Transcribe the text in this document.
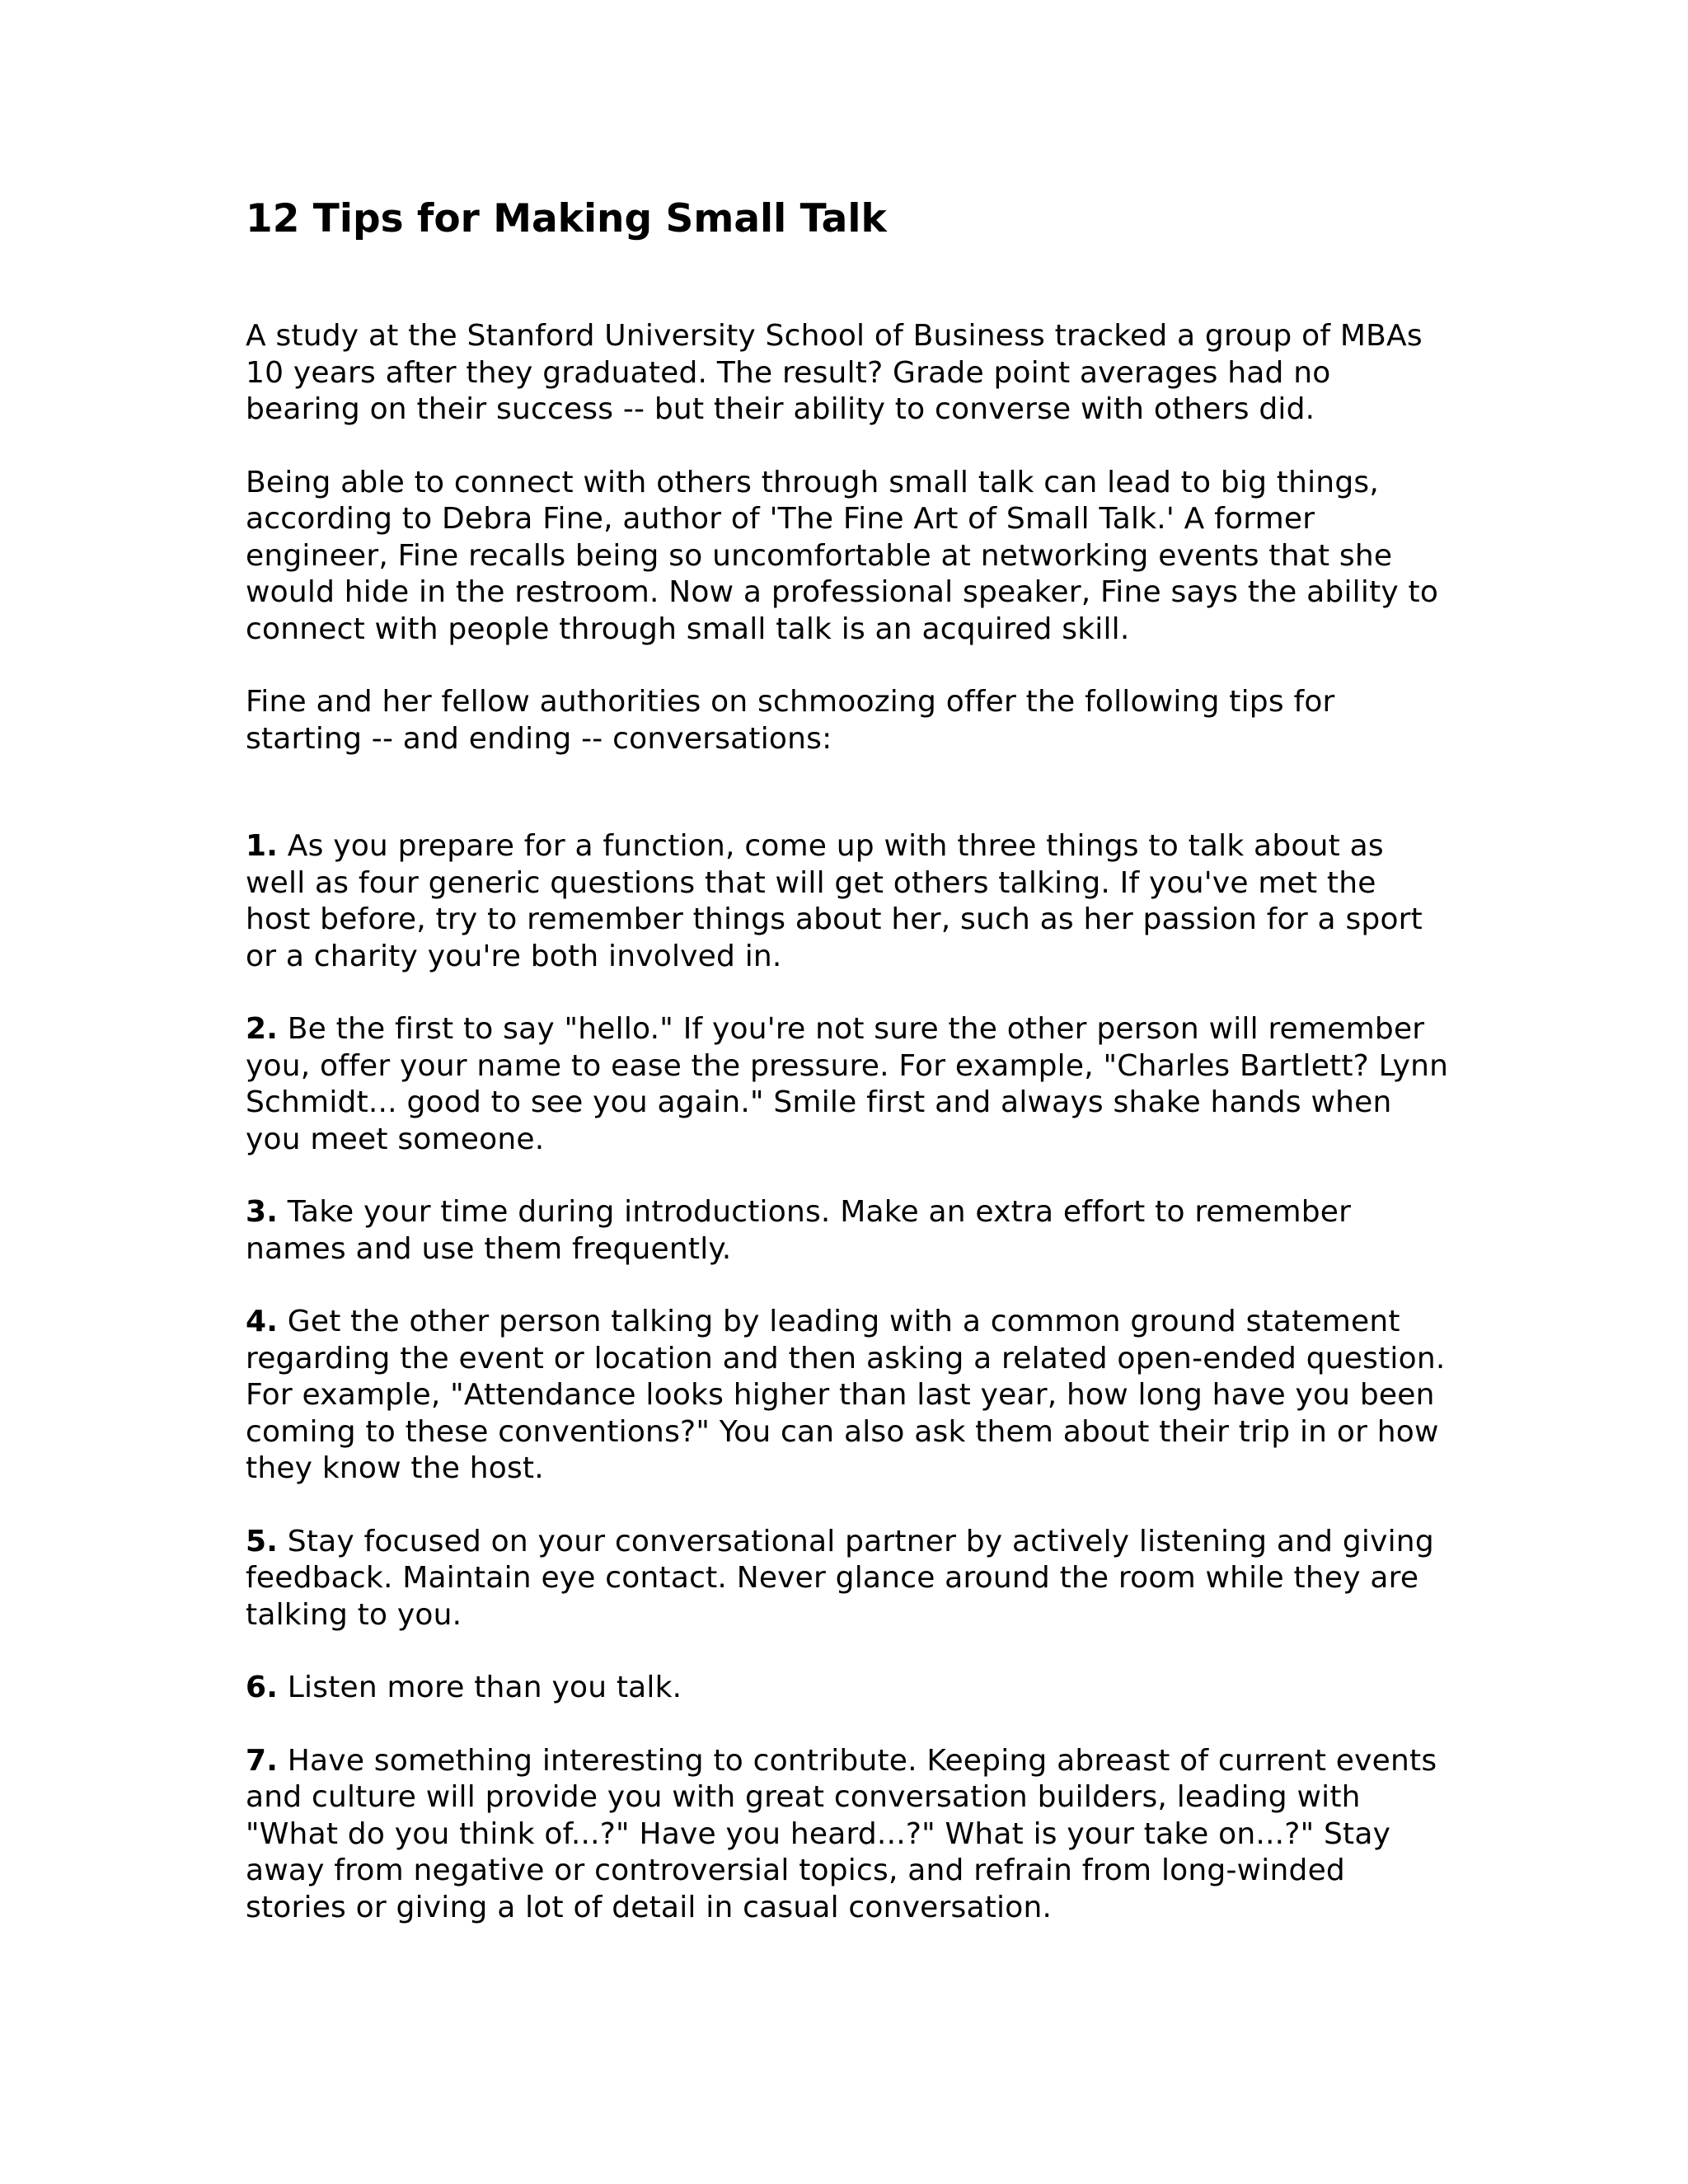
12 Tips for Making Small Talk

A study at the Stanford University School of Business tracked a group of MBAs 10 years after they graduated. The result? Grade point averages had no bearing on their success -- but their ability to converse with others did.

Being able to connect with others through small talk can lead to big things, according to Debra Fine, author of 'The Fine Art of Small Talk.' A former engineer, Fine recalls being so uncomfortable at networking events that she would hide in the restroom. Now a professional speaker, Fine says the ability to connect with people through small talk is an acquired skill.

Fine and her fellow authorities on schmoozing offer the following tips for starting -- and ending -- conversations:

1. As you prepare for a function, come up with three things to talk about as well as four generic questions that will get others talking. If you've met the host before, try to remember things about her, such as her passion for a sport or a charity you're both involved in.

2. Be the first to say "hello." If you're not sure the other person will remember you, offer your name to ease the pressure. For example, "Charles Bartlett? Lynn Schmidt... good to see you again." Smile first and always shake hands when you meet someone.

3. Take your time during introductions. Make an extra effort to remember names and use them frequently.

4. Get the other person talking by leading with a common ground statement regarding the event or location and then asking a related open-ended question. For example, "Attendance looks higher than last year, how long have you been coming to these conventions?" You can also ask them about their trip in or how they know the host.

5. Stay focused on your conversational partner by actively listening and giving feedback. Maintain eye contact. Never glance around the room while they are talking to you.

6. Listen more than you talk.

7. Have something interesting to contribute. Keeping abreast of current events and culture will provide you with great conversation builders, leading with "What do you think of...?" Have you heard...?" What is your take on...?" Stay away from negative or controversial topics, and refrain from long-winded stories or giving a lot of detail in casual conversation.
